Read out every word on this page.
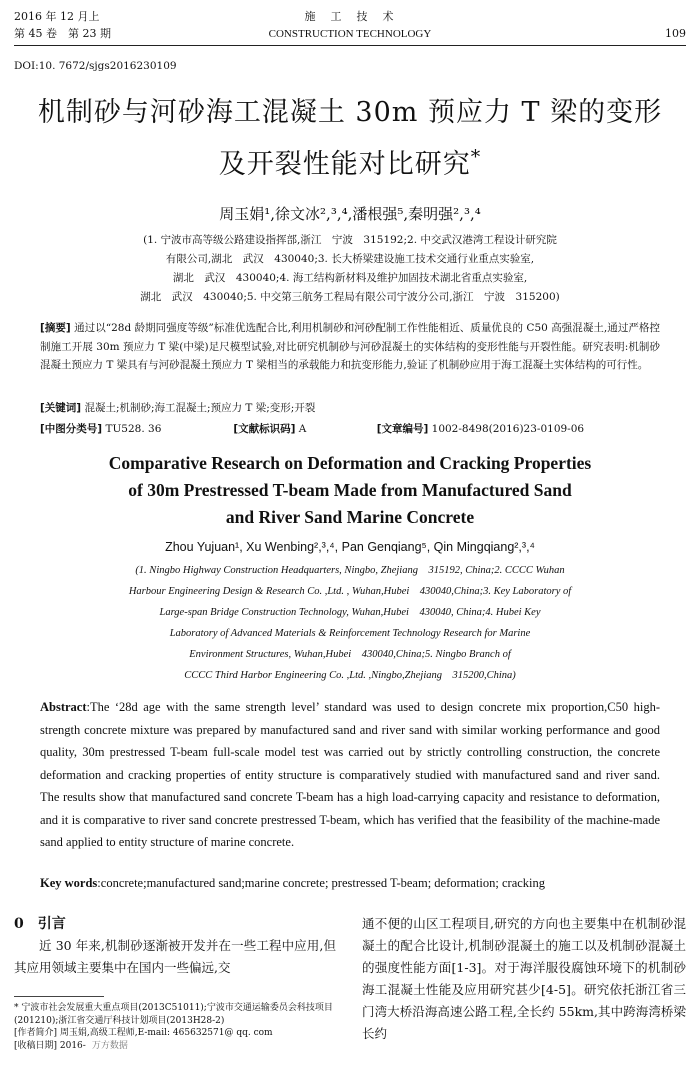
2016 年 12 月上
第 45 卷　第 23 期
施　工　技　术
CONSTRUCTION TECHNOLOGY	109
DOI:10. 7672/sjgs2016230109
机制砂与河砂海工混凝土 30m 预应力 T 梁的变形
及开裂性能对比研究*
周玉娟¹,徐文冰²,³,⁴,潘根强⁵,秦明强²,³,⁴
(1. 宁波市高等级公路建设指挥部,浙江　宁波　315192;2. 中交武汉港湾工程设计研究院
有限公司,湖北　武汉　430040;3. 长大桥梁建设施工技术交通行业重点实验室,
湖北　武汉　430040;4. 海工结构新材料及维护加固技术湖北省重点实验室,
湖北　武汉　430040;5. 中交第三航务工程局有限公司宁波分公司,浙江　宁波　315200)
[摘要] 通过以“28d 龄期同强度等级”标准优选配合比,利用机制砂和河砂配制工作性能相近、质量优良的 C50 高强混凝土,通过严格控制施工开展 30m 预应力 T 梁(中梁)足尺模型试验,对比研究机制砂与河砂混凝土的实体结构的变形性能与开裂性能。研究表明:机制砂混凝土预应力 T 梁具有与河砂混凝土预应力 T 梁相当的承载能力和抗变形能力,验证了机制砂应用于海工混凝土实体结构的可行性。
[关键词] 混凝土;机制砂;海工混凝土;预应力 T 梁;变形;开裂
[中图分类号] TU528. 36	[文献标识码] A	[文章编号] 1002-8498(2016)23-0109-06
Comparative Research on Deformation and Cracking Properties
of 30m Prestressed T-beam Made from Manufactured Sand
and River Sand Marine Concrete
Zhou Yujuan¹, Xu Wenbing²,³,⁴, Pan Genqiang⁵, Qin Mingqiang²,³,⁴
(1. Ningbo Highway Construction Headquarters, Ningbo, Zhejiang　315192, China;2. CCCC Wuhan
Harbour Engineering Design & Research Co. ,Ltd. , Wuhan,Hubei　430040,China;3. Key Laboratory of
Large-span Bridge Construction Technology, Wuhan,Hubei　430040, China;4. Hubei Key
Laboratory of Advanced Materials & Reinforcement Technology Research for Marine
Environment Structures, Wuhan,Hubei　430040,China;5. Ningbo Branch of
CCCC Third Harbor Engineering Co. ,Ltd. ,Ningbo,Zhejiang　315200,China)
Abstract:The ‘28d age with the same strength level’ standard was used to design concrete mix proportion,C50 high-strength concrete mixture was prepared by manufactured sand and river sand with similar working performance and good quality, 30m prestressed T-beam full-scale model test was carried out by strictly controlling construction, the concrete deformation and cracking properties of entity structure is comparatively studied with manufactured sand and river sand. The results show that manufactured sand concrete T-beam has a high load-carrying capacity and resistance to deformation, and it is comparative to river sand concrete prestressed T-beam, which has verified that the feasibility of the machine-made sand applied to entity structure of marine concrete.
Key words:concrete;manufactured sand;marine concrete; prestressed T-beam; deformation; cracking
0　引言
近 30 年来,机制砂逐渐被开发并在一些工程中应用,但其应用领域主要集中在国内一些偏远,交
通不便的山区工程项目,研究的方向也主要集中在机制砂混凝土的配合比设计,机制砂混凝土的施工以及机制砂混凝土的强度性能方面[1-3]。对于海洋服役腐蚀环境下的机制砂海工混凝土性能及应用研究甚少[4-5]。研究依托浙江省三门湾大桥沿海高速公路工程,全长约 55km,其中跨海湾桥梁长约
* 宁波市社会发展重大重点项目(2013C51011);宁波市交通运输委员会科技项目(201210);浙江省交通厅科技计划项目(2013H28-2)
[作者简介] 周玉娟,高级工程师,E-mail: 465632571@ qq. com
[收稿日期] 2016- 万方数据
